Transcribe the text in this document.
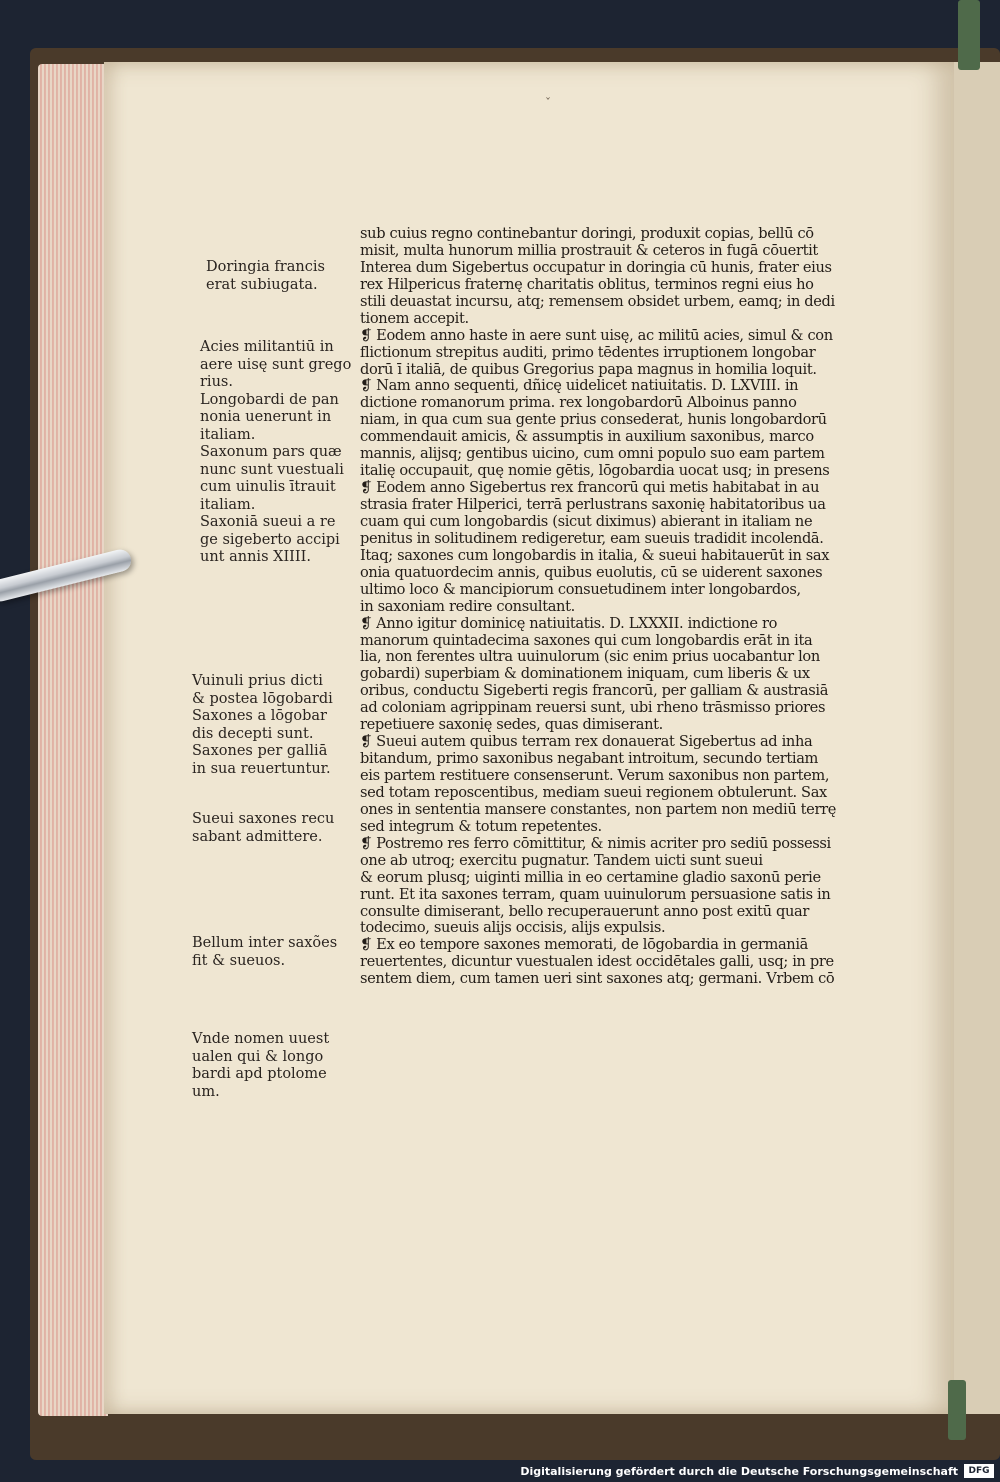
ˇ
Doringia francis
erat subiugata.
Acies militantiū in
aere uisę sunt grego
rius.
Longobardi de pan
nonia uenerunt in
italiam.
Saxonum pars quæ
nunc sunt vuestuali
cum uinulis ītrauit
italiam.
Saxoniā sueui a re
ge sigeberto accipi
unt annis XIIII.
Vuinuli prius dicti
& postea lōgobardi
Saxones a lōgobar
dis decepti sunt.
Saxones per galliā
in sua reuertuntur.
Sueui saxones recu
sabant admittere.
Bellum inter saxões
fit & sueuos.
Vnde nomen uuest
ualen qui & longo
bardi apd ptolome
um.
sub cuius regno continebantur doringi, produxit copias, bellū cō
misit, multa hunorum millia prostrauit & ceteros in fugā cōuertit
Interea dum Sigebertus occupatur in doringia cū hunis, frater eius
rex Hilpericus fraternę charitatis oblitus, terminos regni eius ho
stili deuastat incursu, atq; remensem obsidet urbem, eamq; in dedi
tionem accepit.
❡ Eodem anno haste in aere sunt uisę, ac militū acies, simul & con
flictionum strepitus auditi, primo tēdentes irruptionem longobar
dorū ī italiā, de quibus Gregorius papa magnus in homilia loquit.
❡ Nam anno sequenti, dñicę uidelicet natiuitatis. D. LXVIII. in
dictione romanorum prima. rex longobardorū Alboinus panno
niam, in qua cum sua gente prius consederat, hunis longobardorū
commendauit amicis, & assumptis in auxilium saxonibus, marco
mannis, alijsq; gentibus uicino, cum omni populo suo eam partem
italię occupauit, quę nomie gētis, lōgobardia uocat usq; in presens
❡ Eodem anno Sigebertus rex francorū qui metis habitabat in au
strasia frater Hilperici, terrā perlustrans saxonię habitatoribus ua
cuam qui cum longobardis (sicut diximus) abierant in italiam ne
penitus in solitudinem redigeretur, eam sueuis tradidit incolendā.
Itaq; saxones cum longobardis in italia, & sueui habitauerūt in sax
onia quatuordecim annis, quibus euolutis, cū se uiderent saxones
ultimo loco & mancipiorum consuetudinem inter longobardos,
in saxoniam redire consultant.
❡ Anno igitur dominicę natiuitatis. D. LXXXII. indictione ro
manorum quintadecima saxones qui cum longobardis erāt in ita
lia, non ferentes ultra uuinulorum (sic enim prius uocabantur lon
gobardi) superbiam & dominationem iniquam, cum liberis & ux
oribus, conductu Sigeberti regis francorū, per galliam & austrasiā
ad coloniam agrippinam reuersi sunt, ubi rheno trāsmisso priores
repetiuere saxonię sedes, quas dimiserant.
❡ Sueui autem quibus terram rex donauerat Sigebertus ad inha
bitandum, primo saxonibus negabant introitum, secundo tertiam
eis partem restituere consenserunt. Verum saxonibus non partem,
sed totam reposcentibus, mediam sueui regionem obtulerunt. Sax
ones in sententia mansere constantes, non partem non mediū terrę
sed integrum & totum repetentes.
❡ Postremo res ferro cōmittitur, & nimis acriter pro sediū possessi
one ab utroq; exercitu pugnatur. Tandem uicti sunt sueui
& eorum plusq; uiginti millia in eo certamine gladio saxonū perie
runt. Et ita saxones terram, quam uuinulorum persuasione satis in
consulte dimiserant, bello recuperauerunt anno post exitū quar
todecimo, sueuis alijs occisis, alijs expulsis.
❡ Ex eo tempore saxones memorati, de lōgobardia in germaniā
reuertentes, dicuntur vuestualen idest occidētales galli, usq; in pre
sentem diem, cum tamen ueri sint saxones atq; germani. Vrbem cō
Digitalisierung gefördert durch die Deutsche Forschungsgemeinschaft	DFG
